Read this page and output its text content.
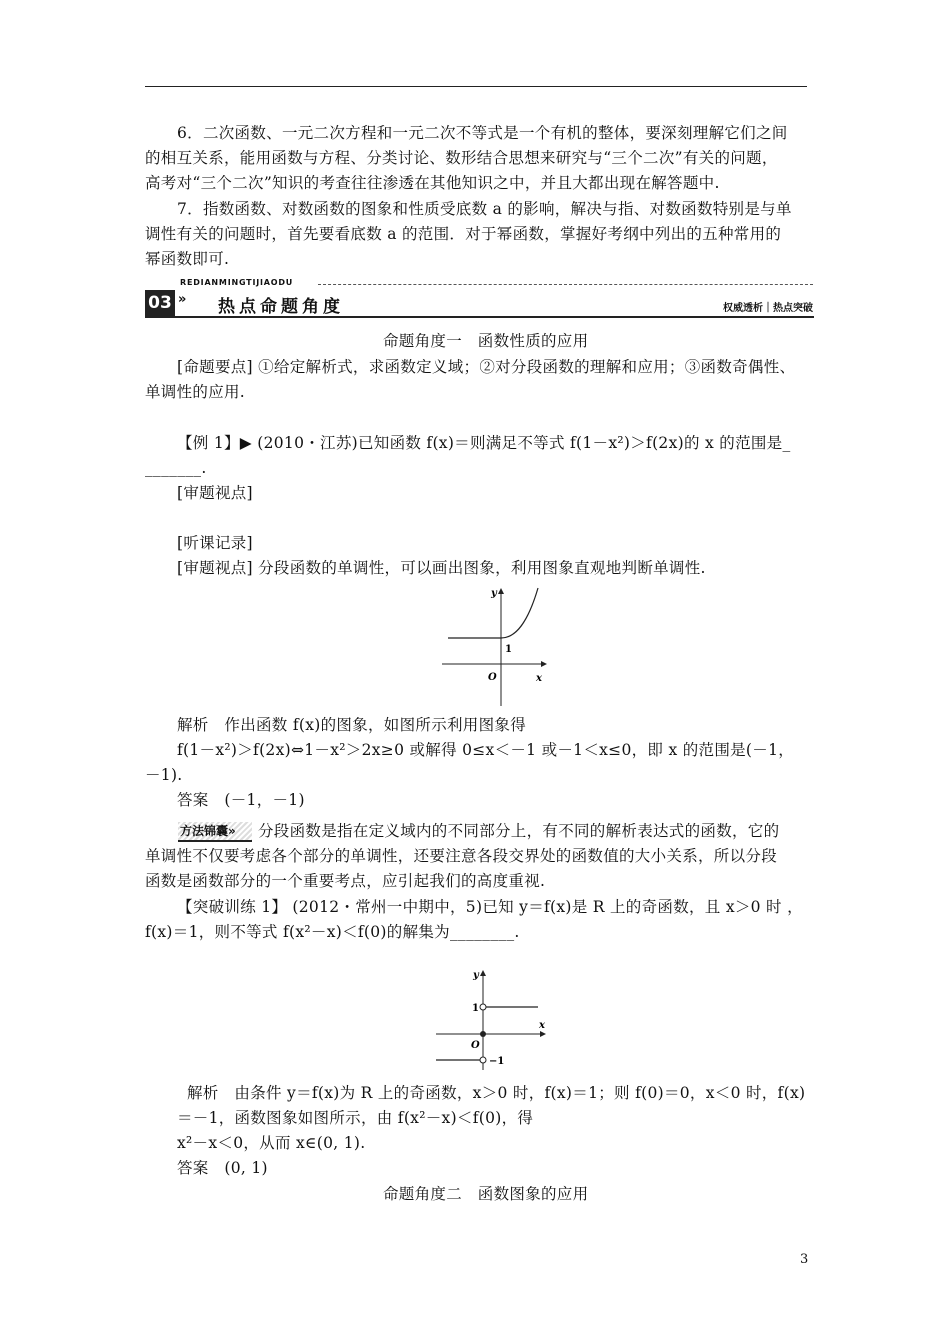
6．二次函数、一元二次方程和一元二次不等式是一个有机的整体，要深刻理解它们之间
的相互关系，能用函数与方程、分类讨论、数形结合思想来研究与“三个二次”有关的问题，
高考对“三个二次”知识的考查往往渗透在其他知识之中，并且大都出现在解答题中.
7．指数函数、对数函数的图象和性质受底数 a 的影响，解决与指、对数函数特别是与单
调性有关的问题时，首先要看底数 a 的范围．对于幂函数，掌握好考纲中列出的五种常用的
幂函数即可.
REDIANMINGTIJIAODU
03 » 热点命题角度	权威透析｜热点突破
命题角度一　函数性质的应用
[命题要点] ①给定解析式，求函数定义域；②对分段函数的理解和应用；③函数奇偶性、
单调性的应用.
【例 1】▶ (2010・江苏)已知函数 f(x)＝则满足不等式 f(1－x²)＞f(2x)的 x 的范围是_
_______.
[审题视点]
[听课记录]
[审题视点] 分段函数的单调性，可以画出图象，利用图象直观地判断单调性.
y
x
O
1
解析　作出函数 f(x)的图象，如图所示利用图象得
f(1－x²)＞f(2x)⇔1－x²＞2x≥0 或解得 0≤x＜－1 或－1＜x≤0，即 x 的范围是(－1，
－1).
答案　(－1，－1)
方法锦囊»	分段函数是指在定义域内的不同部分上，有不同的解析表达式的函数，它的
单调性不仅要考虑各个部分的单调性，还要注意各段交界处的函数值的大小关系，所以分段
函数是函数部分的一个重要考点，应引起我们的高度重视.
【突破训练 1】 (2012・常州一中期中，5)已知 y＝f(x)是 R 上的奇函数，且 x＞0 时 ，
f(x)＝1，则不等式 f(x²－x)＜f(0)的解集为________.
y
x
O
1
−1
解析　由条件 y＝f(x)为 R 上的奇函数，x＞0 时，f(x)＝1；则 f(0)＝0，x＜0 时，f(x)
＝－1，函数图象如图所示，由 f(x²－x)＜f(0)，得
x²－x＜0，从而 x∈(0, 1).
答案　(0, 1)
命题角度二　函数图象的应用
3
